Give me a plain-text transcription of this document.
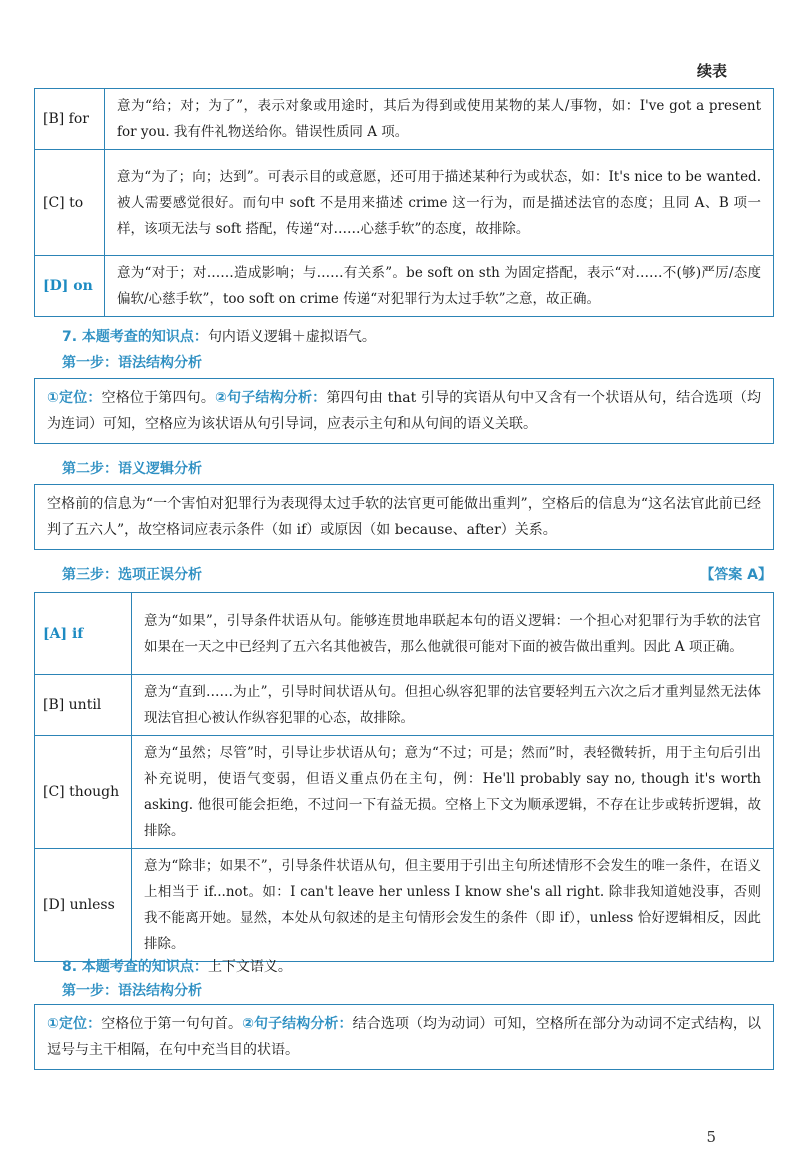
续表
[B] for	意为“给；对；为了”，表示对象或用途时，其后为得到或使用某物的某人/事物，如：I've got a present for you. 我有件礼物送给你。错误性质同 A 项。
[C] to	意为“为了；向；达到”。可表示目的或意愿，还可用于描述某种行为或状态，如：It's nice to be wanted. 被人需要感觉很好。而句中 soft 不是用来描述 crime 这一行为，而是描述法官的态度；且同 A、B 项一样，该项无法与 soft 搭配，传递“对……心慈手软”的态度，故排除。
[D] on	意为“对于；对……造成影响；与……有关系”。be soft on sth 为固定搭配，表示“对……不(够)严厉/态度偏软/心慈手软”，too soft on crime 传递“对犯罪行为太过手软”之意，故正确。
7. 本题考查的知识点：句内语义逻辑＋虚拟语气。
第一步：语法结构分析
①定位：空格位于第四句。②句子结构分析：第四句由 that 引导的宾语从句中又含有一个状语从句，结合选项（均为连词）可知，空格应为该状语从句引导词，应表示主句和从句间的语义关联。
第二步：语义逻辑分析
空格前的信息为“一个害怕对犯罪行为表现得太过手软的法官更可能做出重判”，空格后的信息为“这名法官此前已经判了五六人”，故空格词应表示条件（如 if）或原因（如 because、after）关系。
第三步：选项正误分析	【答案 A】
[A] if	意为“如果”，引导条件状语从句。能够连贯地串联起本句的语义逻辑：一个担心对犯罪行为手软的法官如果在一天之中已经判了五六名其他被告，那么他就很可能对下面的被告做出重判。因此 A 项正确。
[B] until	意为“直到……为止”，引导时间状语从句。但担心纵容犯罪的法官要轻判五六次之后才重判显然无法体现法官担心被认作纵容犯罪的心态，故排除。
[C] though	意为“虽然；尽管”时，引导让步状语从句；意为“不过；可是；然而”时，表轻微转折，用于主句后引出补充说明，使语气变弱，但语义重点仍在主句，例：He'll probably say no, though it's worth asking. 他很可能会拒绝，不过问一下有益无损。空格上下文为顺承逻辑，不存在让步或转折逻辑，故排除。
[D] unless	意为“除非；如果不”，引导条件状语从句，但主要用于引出主句所述情形不会发生的唯一条件，在语义上相当于 if...not。如：I can't leave her unless I know she's all right. 除非我知道她没事，否则我不能离开她。显然，本处从句叙述的是主句情形会发生的条件（即 if），unless 恰好逻辑相反，因此排除。
8. 本题考查的知识点：上下文语义。
第一步：语法结构分析
①定位：空格位于第一句句首。②句子结构分析：结合选项（均为动词）可知，空格所在部分为动词不定式结构，以逗号与主干相隔，在句中充当目的状语。
5
